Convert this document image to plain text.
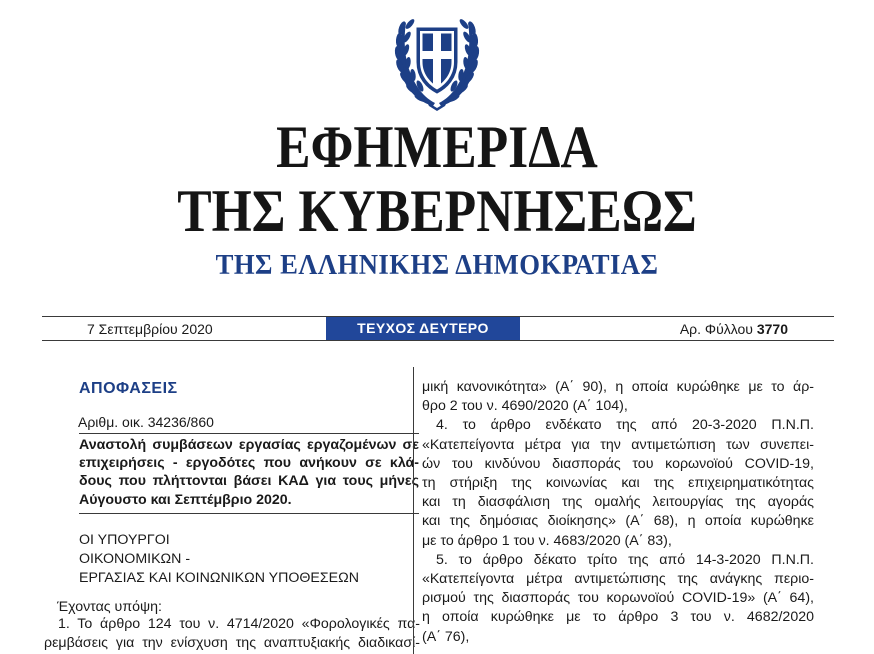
ΕΦΗΜΕΡΙΔΑ
ΤΗΣ ΚΥΒΕΡΝΗΣΕΩΣ
ΤΗΣ ΕΛΛΗΝΙΚΗΣ ΔΗΜΟΚΡΑΤΙΑΣ
7 Σεπτεμβρίου 2020	ΤΕΥΧΟΣ ΔΕΥΤΕΡΟ	Αρ. Φύλλου 3770
ΑΠΟΦΑΣΕΙΣ
Αριθμ. οικ. 34236/860
Αναστολή συμβάσεων εργασίας εργαζομένων σε
επιχειρήσεις - εργοδότες που ανήκουν σε κλά-
δους που πλήττονται βάσει ΚΑΔ για τους μήνες
Αύγουστο και Σεπτέμβριο 2020.
ΟΙ ΥΠΟΥΡΓΟΙ
ΟΙΚΟΝΟΜΙΚΩΝ -
ΕΡΓΑΣΙΑΣ ΚΑΙ ΚΟΙΝΩΝΙΚΩΝ ΥΠΟΘΕΣΕΩΝ
Έχοντας υπόψη:
1. Το άρθρο 124 του ν. 4714/2020 «Φορολογικές πα-
ρεμβάσεις για την ενίσχυση της αναπτυξιακής διαδικασί-
μική κανονικότητα» (Α΄ 90), η οποία κυρώθηκε με το άρ-
θρο 2 του ν. 4690/2020 (Α΄ 104),
4. το άρθρο ενδέκατο της από 20-3-2020 Π.Ν.Π.
«Κατεπείγοντα μέτρα για την αντιμετώπιση των συνεπει-
ών του κινδύνου διασποράς του κορωνοϊού COVID-19,
τη στήριξη της κοινωνίας και της επιχειρηματικότητας
και τη διασφάλιση της ομαλής λειτουργίας της αγοράς
και της δημόσιας διοίκησης» (Α΄ 68), η οποία κυρώθηκε
με το άρθρο 1 του ν. 4683/2020 (Α΄ 83),
5. το άρθρο δέκατο τρίτο της από 14-3-2020 Π.Ν.Π.
«Κατεπείγοντα μέτρα αντιμετώπισης της ανάγκης περιο-
ρισμού της διασποράς του κορωνοϊού COVID-19» (Α΄ 64),
η οποία κυρώθηκε με το άρθρο 3 του ν. 4682/2020
(Α΄ 76),
